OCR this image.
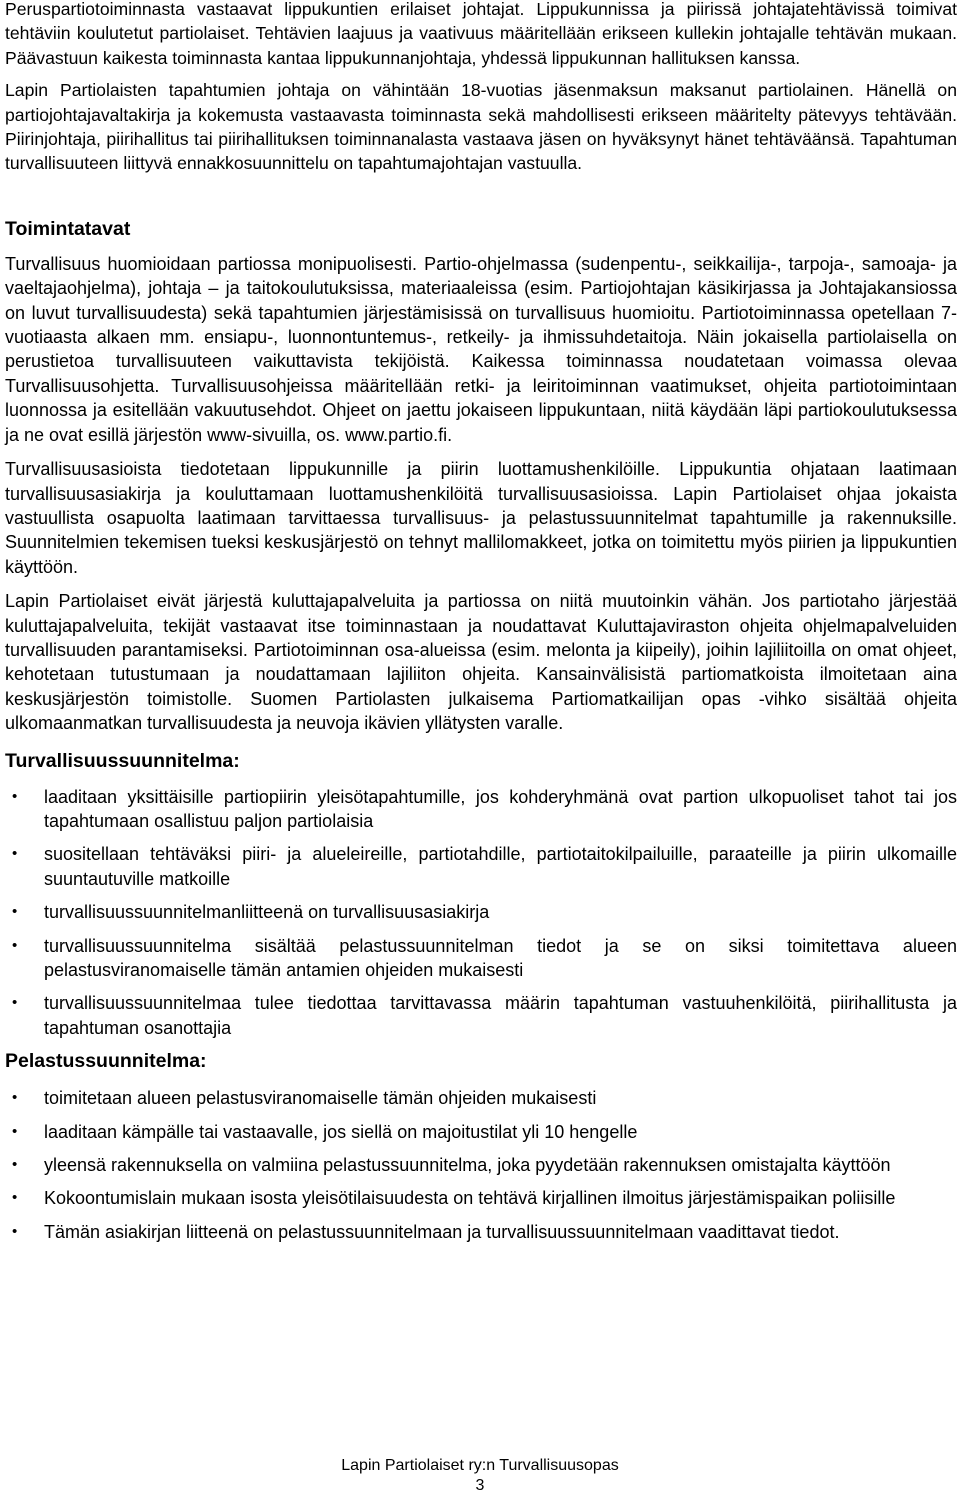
Peruspartiotoiminnasta vastaavat lippukuntien erilaiset johtajat. Lippukunnissa ja piirissä johtajatehtävissä toimivat tehtäviin koulutetut partiolaiset. Tehtävien laajuus ja vaativuus määritellään erikseen kullekin johtajalle tehtävän mukaan. Päävastuun kaikesta toiminnasta kantaa lippukunnanjohtaja, yhdessä lippukunnan hallituksen kanssa.

Lapin Partiolaisten tapahtumien johtaja on vähintään 18-vuotias jäsenmaksun maksanut partiolainen. Hänellä on partiojohtajavaltakirja ja kokemusta vastaavasta toiminnasta sekä mahdollisesti erikseen määritelty pätevyys tehtävään. Piirinjohtaja, piirihallitus tai piirihallituksen toiminnanalasta vastaava jäsen on hyväksynyt hänet tehtäväänsä. Tapahtuman turvallisuuteen liittyvä ennakkosuunnittelu on tapahtumajohtajan vastuulla.

Toimintatavat

Turvallisuus huomioidaan partiossa monipuolisesti. Partio-ohjelmassa (sudenpentu-, seikkailija-, tarpoja-, samoaja- ja vaeltajaohjelma), johtaja – ja taitokoulutuksissa, materiaaleissa (esim. Partiojohtajan käsikirjassa ja Johtajakansiossa on luvut turvallisuudesta) sekä tapahtumien järjestämisissä on turvallisuus huomioitu. Partiotoiminnassa opetellaan 7-vuotiaasta alkaen mm. ensiapu-, luonnontuntemus-, retkeily- ja ihmissuhdetaitoja. Näin jokaisella partiolaisella on perustietoa turvallisuuteen vaikuttavista tekijöistä. Kaikessa toiminnassa noudatetaan voimassa olevaa Turvallisuusohjetta. Turvallisuusohjeissa määritellään retki- ja leiritoiminnan vaatimukset, ohjeita partiotoimintaan luonnossa ja esitellään vakuutusehdot. Ohjeet on jaettu jokaiseen lippukuntaan, niitä käydään läpi partiokoulutuksessa ja ne ovat esillä järjestön www-sivuilla, os. www.partio.fi.

Turvallisuusasioista tiedotetaan lippukunnille ja piirin luottamushenkilöille. Lippukuntia ohjataan laatimaan turvallisuusasiakirja ja kouluttamaan luottamushenkilöitä turvallisuusasioissa. Lapin Partiolaiset ohjaa jokaista vastuullista osapuolta laatimaan tarvittaessa turvallisuus- ja pelastussuunnitelmat tapahtumille ja rakennuksille. Suunnitelmien tekemisen tueksi keskusjärjestö on tehnyt mallilomakkeet, jotka on toimitettu myös piirien ja lippukuntien käyttöön.

Lapin Partiolaiset eivät järjestä kuluttajapalveluita ja partiossa on niitä muutoinkin vähän. Jos partiotaho järjestää kuluttajapalveluita, tekijät vastaavat itse toiminnastaan ja noudattavat Kuluttajaviraston ohjeita ohjelmapalveluiden turvallisuuden parantamiseksi. Partiotoiminnan osa-alueissa (esim. melonta ja kiipeily), joihin lajiliitoilla on omat ohjeet, kehotetaan tutustumaan ja noudattamaan lajiliiton ohjeita. Kansainvälisistä partiomatkoista ilmoitetaan aina keskusjärjestön toimistolle. Suomen Partiolasten julkaisema Partiomatkailijan opas -vihko sisältää ohjeita ulkomaanmatkan turvallisuudesta ja neuvoja ikävien yllätysten varalle.

Turvallisuussuunnitelma:
• laaditaan yksittäisille partiopiirin yleisötapahtumille, jos kohderyhmänä ovat partion ulkopuoliset tahot tai jos tapahtumaan osallistuu paljon partiolaisia
• suositellaan tehtäväksi piiri- ja alueleireille, partiotahdille, partiotaitokilpailuille, paraateille ja piirin ulkomaille suuntautuville matkoille
• turvallisuussuunnitelmanliitteenä on turvallisuusasiakirja
• turvallisuussuunnitelma sisältää pelastussuunnitelman tiedot ja se on siksi toimitettava alueen pelastusviranomaiselle tämän antamien ohjeiden mukaisesti
• turvallisuussuunnitelmaa tulee tiedottaa tarvittavassa määrin tapahtuman vastuuhenkilöitä, piirihallitusta ja tapahtuman osanottajia
Pelastussuunnitelma:
• toimitetaan alueen pelastusviranomaiselle tämän ohjeiden mukaisesti
• laaditaan kämpälle tai vastaavalle, jos siellä on majoitustilat yli 10 hengelle
• yleensä rakennuksella on valmiina pelastussuunnitelma, joka pyydetään rakennuksen omistajalta käyttöön
• Kokoontumislain mukaan isosta yleisötilaisuudesta on tehtävä kirjallinen ilmoitus järjestämispaikan poliisille
• Tämän asiakirjan liitteenä on pelastussuunnitelmaan ja turvallisuussuunnitelmaan vaadittavat tiedot.
Lapin Partiolaiset ry:n Turvallisuusopas
3
